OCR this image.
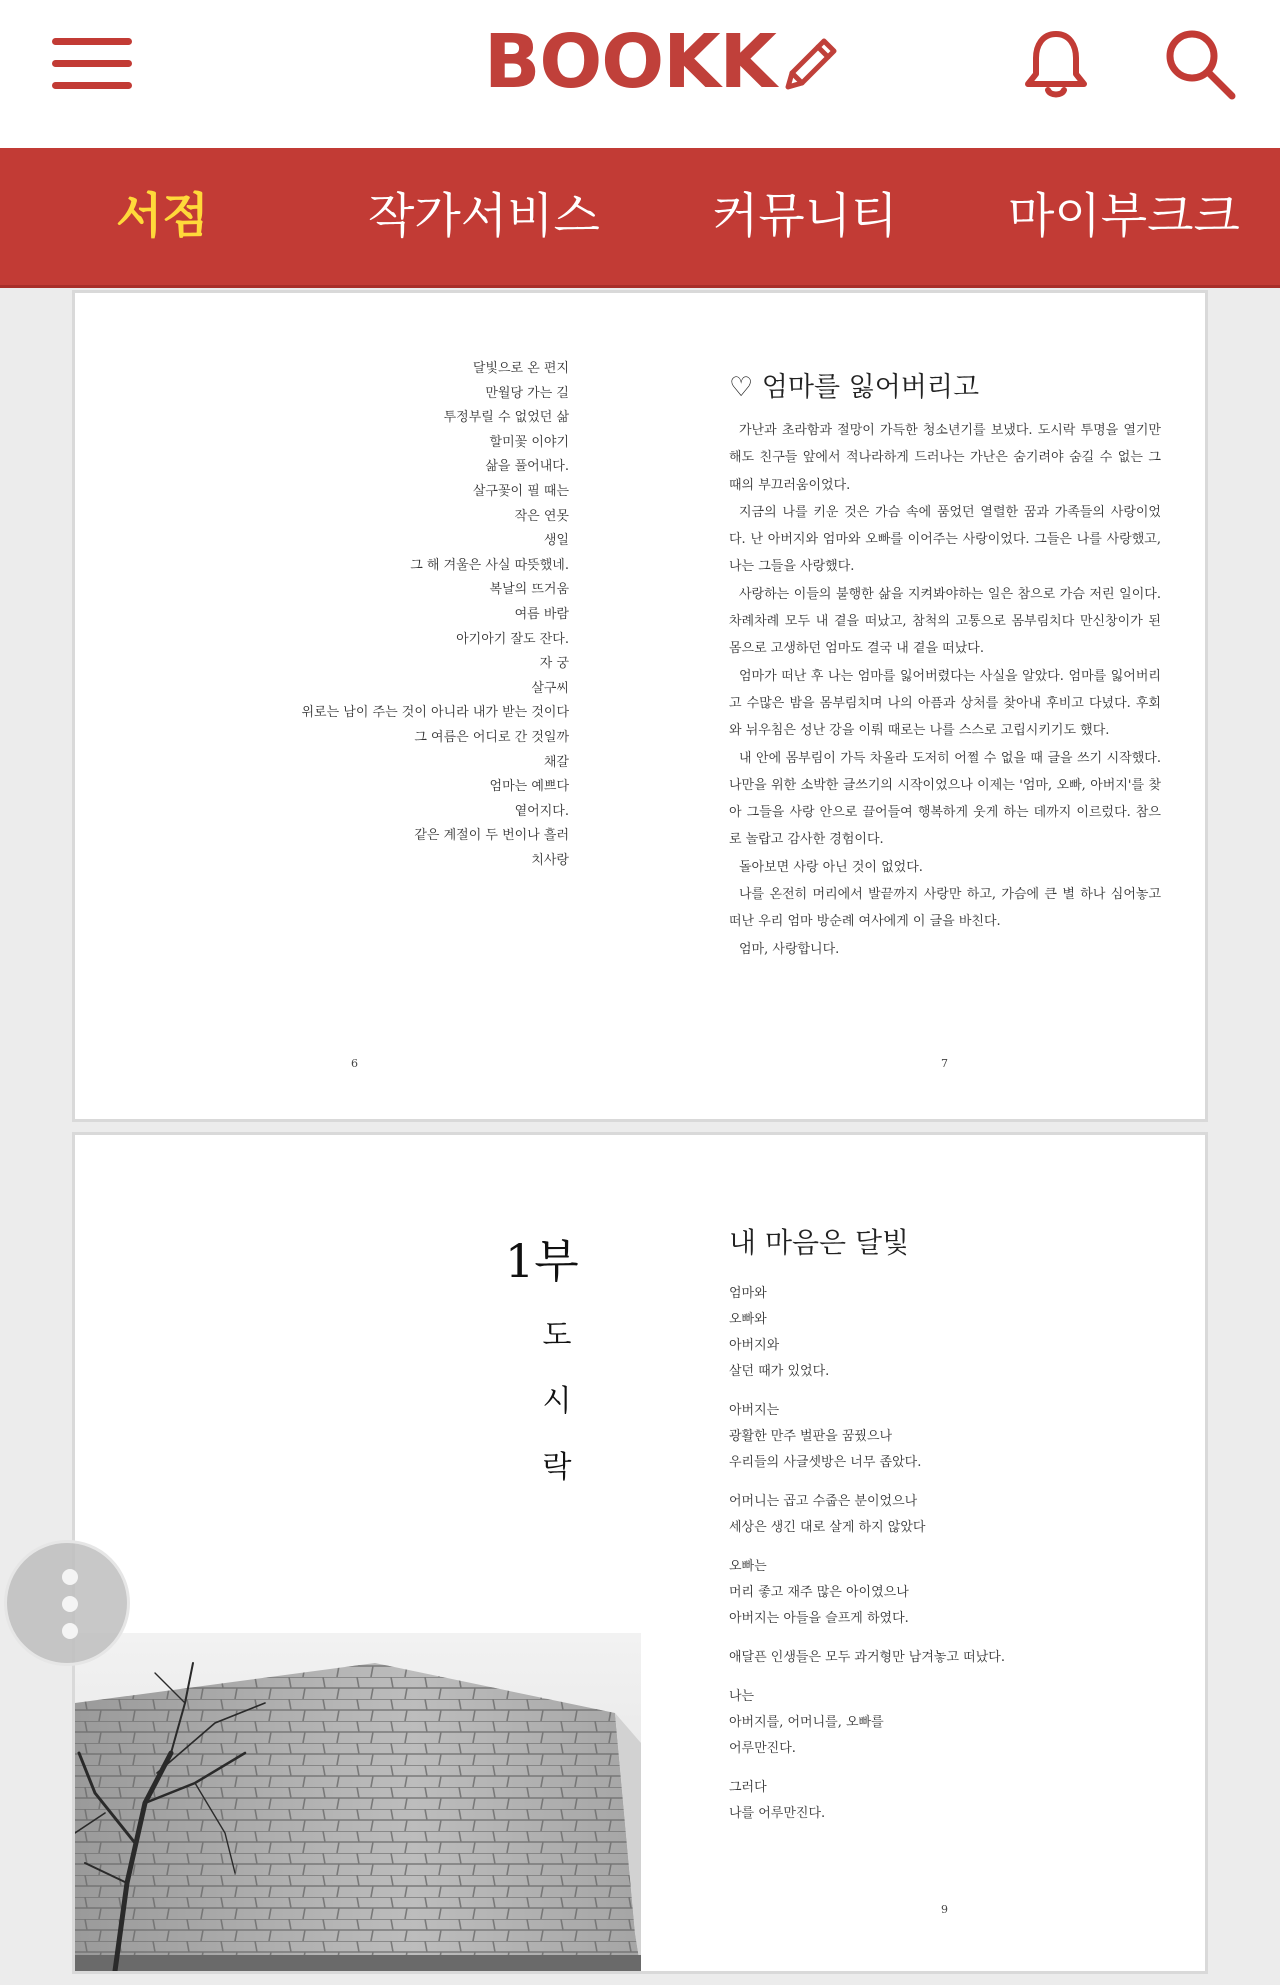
BOOKK
서점	작가서비스 커뮤니티 마이부크크
달빛으로 온 편지
만월당 가는 길
투정부릴 수 없었던 삶
할미꽃 이야기
삶을 풀어내다.
살구꽃이 필 때는
작은 연못
생일
그 해 겨울은 사실 따뜻했네.
복날의 뜨거움
여름 바람
아기아기 잘도 잔다.
자 궁
살구씨
위로는 남이 주는 것이 아니라 내가 받는 것이다
그 여름은 어디로 간 것일까
채갈
엄마는 예쁘다
옅어지다.
같은 계절이 두 번이나 흘러
치사랑
♡ 엄마를 잃어버리고

가난과 초라함과 절망이 가득한 청소년기를 보냈다. 도시락 투명을 열기만 해도 친구들 앞에서 적나라하게 드러나는 가난은 숨기려야 숨길 수 없는 그 때의 부끄러움이었다.

지금의 나를 키운 것은 가슴 속에 품었던 열렬한 꿈과 가족들의 사랑이었다. 난 아버지와 엄마와 오빠를 이어주는 사랑이었다. 그들은 나를 사랑했고, 나는 그들을 사랑했다.

사랑하는 이들의 불행한 삶을 지켜봐야하는 일은 참으로 가슴 저린 일이다. 차례차례 모두 내 곁을 떠났고, 참척의 고통으로 몸부림치다 만신창이가 된 몸으로 고생하던 엄마도 결국 내 곁을 떠났다.

엄마가 떠난 후 나는 엄마를 잃어버렸다는 사실을 알았다. 엄마를 잃어버리고 수많은 밤을 몸부림치며 나의 아픔과 상처를 찾아내 후비고 다녔다. 후회와 뉘우침은 성난 강을 이뤄 때로는 나를 스스로 고립시키기도 했다.

내 안에 몸부림이 가득 차올라 도저히 어쩔 수 없을 때 글을 쓰기 시작했다. 나만을 위한 소박한 글쓰기의 시작이었으나 이제는 '엄마, 오빠, 아버지'를 찾아 그들을 사랑 안으로 끌어들여 행복하게 웃게 하는 데까지 이르렀다. 참으로 놀랍고 감사한 경험이다.

돌아보면 사랑 아닌 것이 없었다.

나를 온전히 머리에서 발끝까지 사랑만 하고, 가슴에 큰 별 하나 심어놓고 떠난 우리 엄마 방순례 여사에게 이 글을 바친다.

엄마, 사랑합니다.

6	7
1부
도
시
락
내 마음은 달빛
엄마와
오빠와
아버지와
살던 때가 있었다.
아버지는
광활한 만주 벌판을 꿈꿨으나
우리들의 사글셋방은 너무 좁았다.
어머니는 곱고 수줍은 분이었으나
세상은 생긴 대로 살게 하지 않았다
오빠는
머리 좋고 재주 많은 아이였으나
아버지는 아들을 슬프게 하였다.
애달픈 인생들은 모두 과거형만 남겨놓고 떠났다.
나는
아버지를, 어머니를, 오빠를
어루만진다.
그러다
나를 어루만진다.
9
